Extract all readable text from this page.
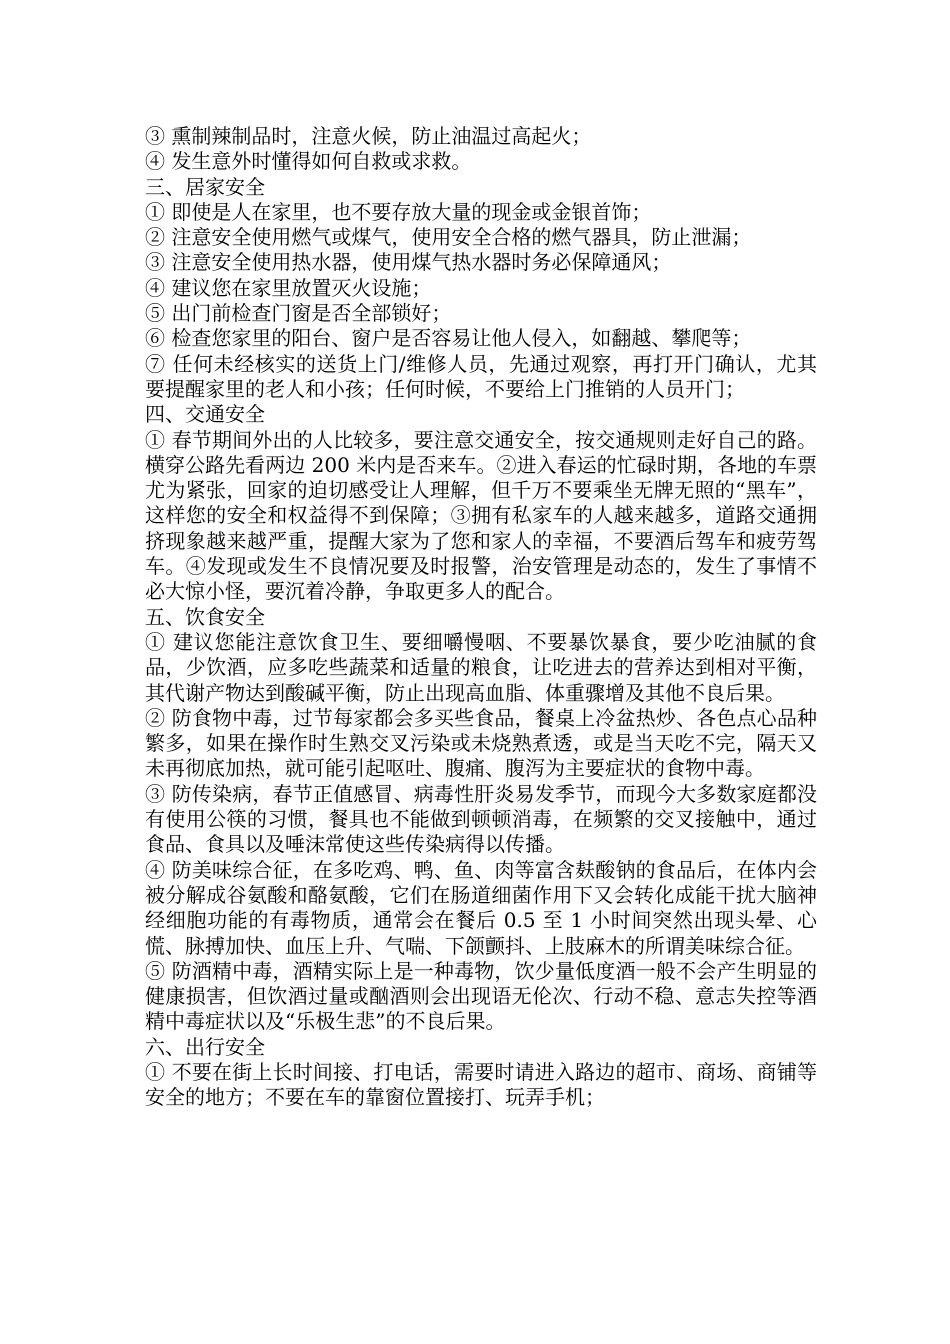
③ 熏制辣制品时，注意火候，防止油温过高起火；

④ 发生意外时懂得如何自救或求救。

三、居家安全

① 即使是人在家里，也不要存放大量的现金或金银首饰；

② 注意安全使用燃气或煤气，使用安全合格的燃气器具，防止泄漏；

③ 注意安全使用热水器，使用煤气热水器时务必保障通风；

④ 建议您在家里放置灭火设施；

⑤ 出门前检查门窗是否全部锁好；

⑥ 检查您家里的阳台、窗户是否容易让他人侵入，如翻越、攀爬等；

⑦ 任何未经核实的送货上门/维修人员，先通过观察，再打开门确认，尤其要提醒家里的老人和小孩；任何时候，不要给上门推销的人员开门；

四、交通安全

① 春节期间外出的人比较多，要注意交通安全，按交通规则走好自己的路。横穿公路先看两边 200 米内是否来车。②进入春运的忙碌时期，各地的车票尤为紧张，回家的迫切感受让人理解，但千万不要乘坐无牌无照的“黑车”，这样您的安全和权益得不到保障；③拥有私家车的人越来越多，道路交通拥挤现象越来越严重，提醒大家为了您和家人的幸福，不要酒后驾车和疲劳驾车。④发现或发生不良情况要及时报警，治安管理是动态的，发生了事情不必大惊小怪，要沉着冷静，争取更多人的配合。

五、饮食安全

① 建议您能注意饮食卫生、要细嚼慢咽、不要暴饮暴食，要少吃油腻的食品，少饮酒，应多吃些蔬菜和适量的粮食，让吃进去的营养达到相对平衡，其代谢产物达到酸碱平衡，防止出现高血脂、体重骤增及其他不良后果。

② 防食物中毒，过节每家都会多买些食品，餐桌上冷盆热炒、各色点心品种繁多，如果在操作时生熟交叉污染或未烧熟煮透，或是当天吃不完，隔天又未再彻底加热，就可能引起呕吐、腹痛、腹泻为主要症状的食物中毒。

③ 防传染病，春节正值感冒、病毒性肝炎易发季节，而现今大多数家庭都没有使用公筷的习惯，餐具也不能做到顿顿消毒，在频繁的交叉接触中，通过食品、食具以及唾沫常使这些传染病得以传播。

④ 防美味综合征，在多吃鸡、鸭、鱼、肉等富含麸酸钠的食品后，在体内会被分解成谷氨酸和酪氨酸，它们在肠道细菌作用下又会转化成能干扰大脑神经细胞功能的有毒物质，通常会在餐后 0.5 至 1 小时间突然出现头晕、心慌、脉搏加快、血压上升、气喘、下颌颤抖、上肢麻木的所谓美味综合征。

⑤ 防酒精中毒，酒精实际上是一种毒物，饮少量低度酒一般不会产生明显的健康损害，但饮酒过量或酗酒则会出现语无伦次、行动不稳、意志失控等酒精中毒症状以及“乐极生悲”的不良后果。

六、出行安全

① 不要在街上长时间接、打电话，需要时请进入路边的超市、商场、商铺等安全的地方；不要在车的靠窗位置接打、玩弄手机；
